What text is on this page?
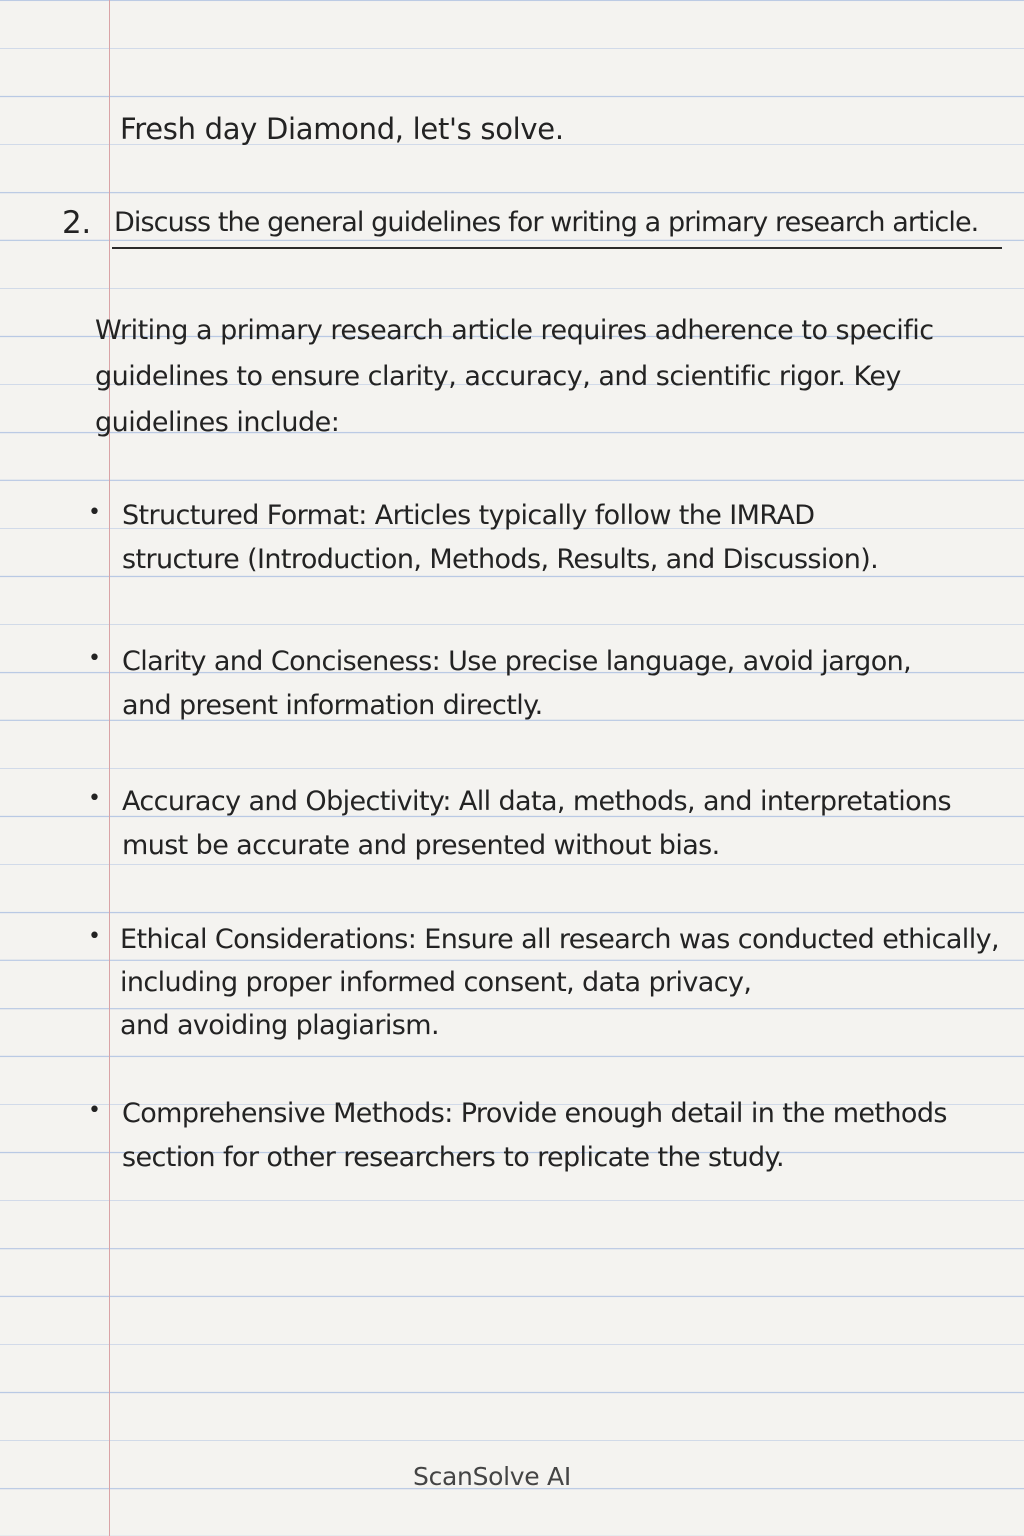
Fresh day Diamond, let's solve.
2. Discuss the general guidelines for writing a primary research article.
Writing a primary research article requires adherence to specific
guidelines to ensure clarity, accuracy, and scientific rigor. Key
guidelines include:
• Structured Format: Articles typically follow the IMRAD
structure (Introduction, Methods, Results, and Discussion).
• Clarity and Conciseness: Use precise language, avoid jargon,
and present information directly.
• Accuracy and Objectivity: All data, methods, and interpretations
must be accurate and presented without bias.
• Ethical Considerations: Ensure all research was conducted ethically,
including proper informed consent, data privacy,
and avoiding plagiarism.
• Comprehensive Methods: Provide enough detail in the methods
section for other researchers to replicate the study.
ScanSolve AI
